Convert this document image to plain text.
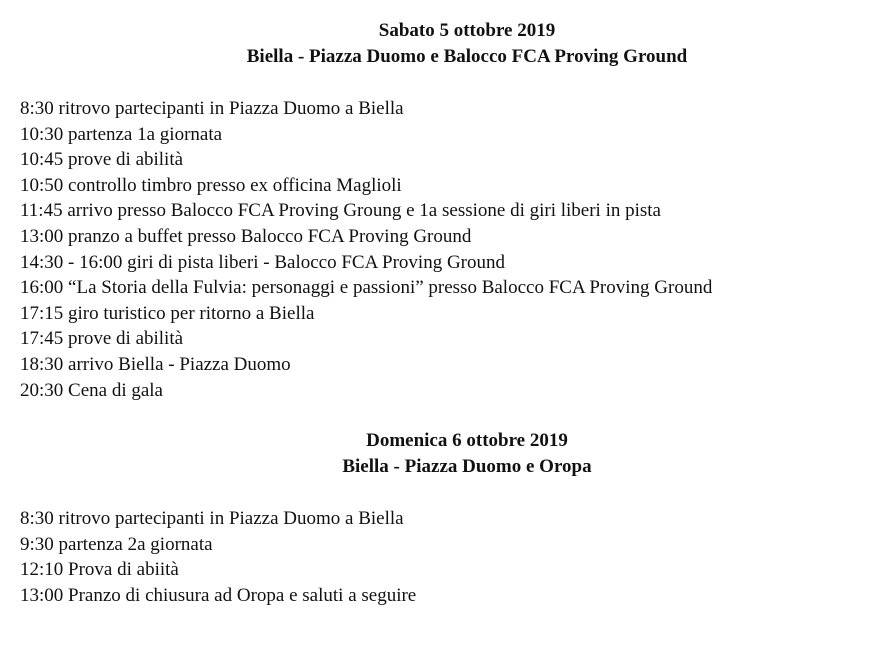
Sabato 5 ottobre 2019
Biella - Piazza Duomo e Balocco FCA Proving Ground
8:30 ritrovo partecipanti in Piazza Duomo a Biella
10:30 partenza 1a giornata
10:45 prove di abilità
10:50 controllo timbro presso ex officina Maglioli
11:45 arrivo presso Balocco FCA Proving Groung e 1a sessione di giri liberi in pista
13:00 pranzo a buffet presso Balocco FCA Proving Ground
14:30 - 16:00 giri di pista liberi - Balocco FCA Proving Ground
16:00 “La Storia della Fulvia: personaggi e passioni” presso Balocco FCA Proving Ground
17:15 giro turistico per ritorno a Biella
17:45 prove di abilità
18:30 arrivo Biella - Piazza Duomo
20:30 Cena di gala
Domenica 6 ottobre 2019
Biella - Piazza Duomo e Oropa
8:30 ritrovo partecipanti in Piazza Duomo a Biella
9:30 partenza 2a giornata
12:10 Prova di abiità
13:00 Pranzo di chiusura ad Oropa e saluti a seguire
